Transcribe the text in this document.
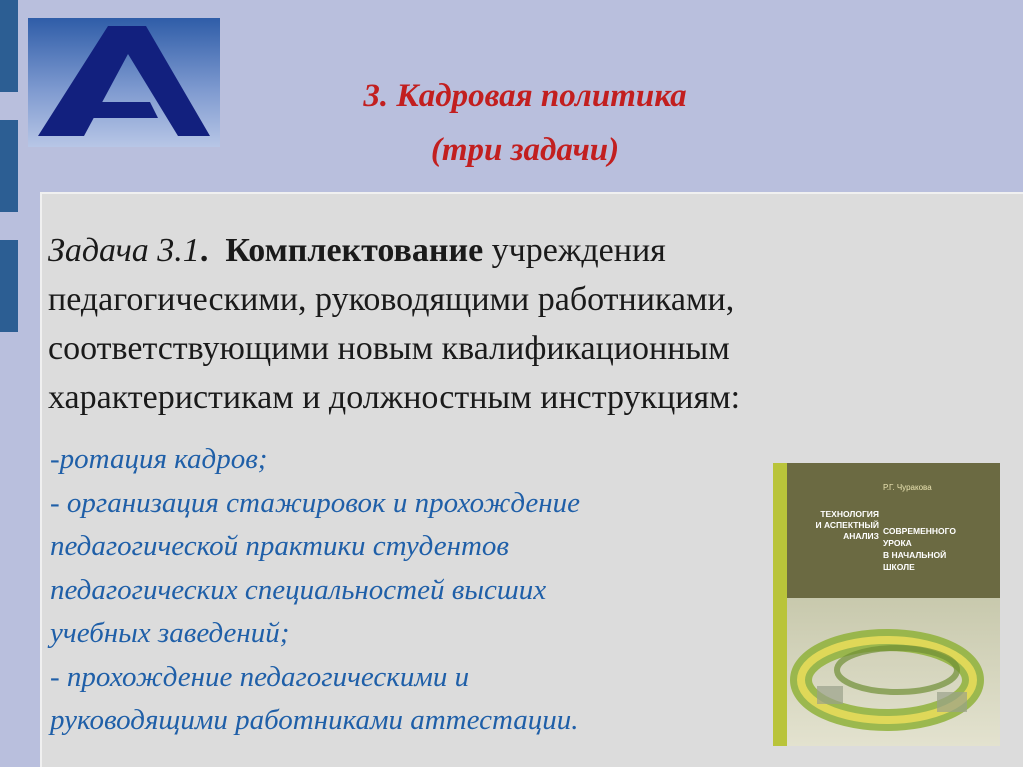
3. Кадровая политика
(три задачи)
Задача 3.1. Комплектование учреждения
педагогическими, руководящими работниками,
соответствующими новым квалификационным
характеристикам и должностным инструкциям:
-ротация кадров;
- организация стажировок и прохождение
педагогической практики студентов
педагогических специальностей высших
учебных заведений;
- прохождение педагогическими и
руководящими работниками аттестации.
Р.Г. Чуракова
ТЕХНОЛОГИЯ
И АСПЕКТНЫЙ
АНАЛИЗ СОВРЕМЕННОГО
УРОКА
В НАЧАЛЬНОЙ
ШКОЛЕ
